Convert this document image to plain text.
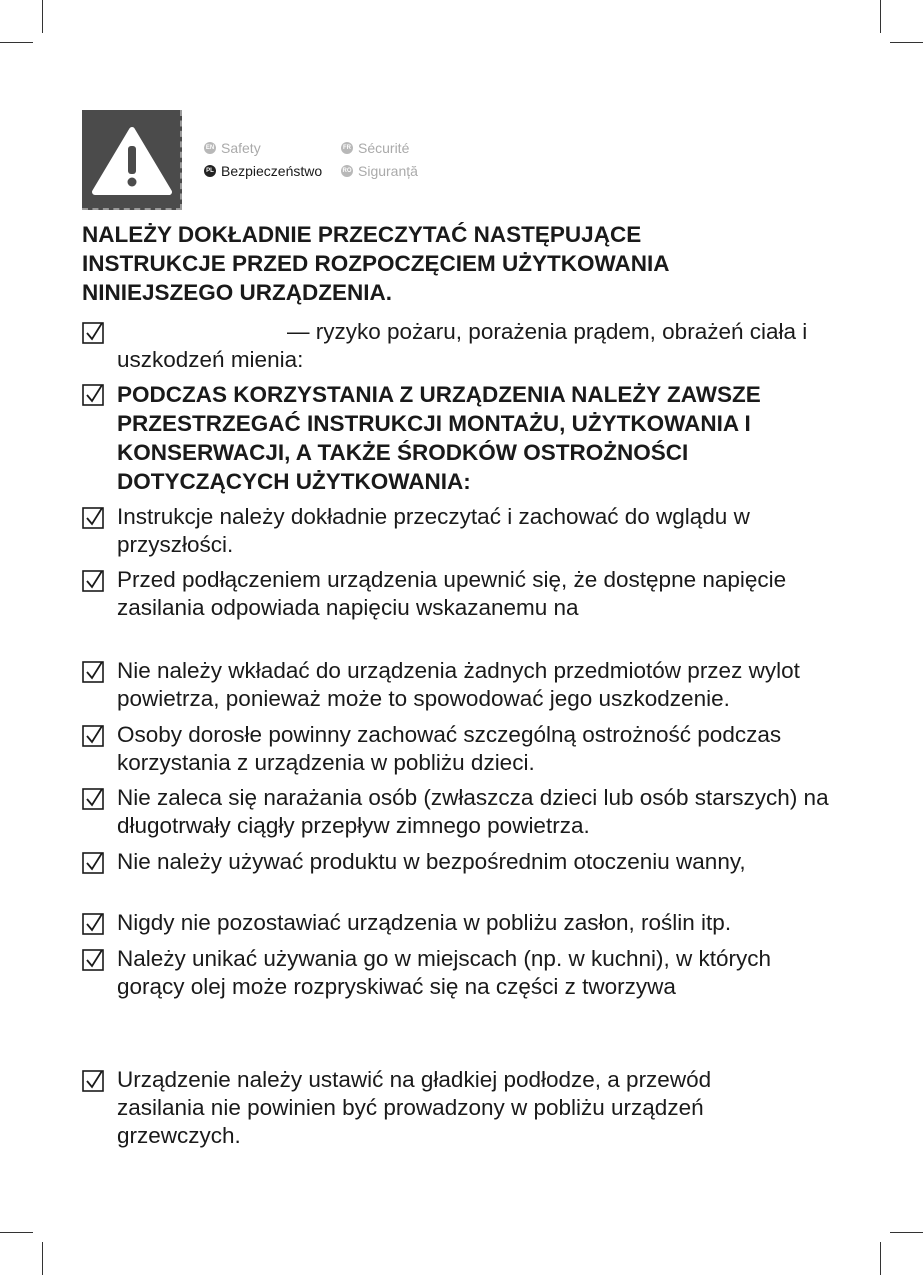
EN Safety	FR Sécurité
PL Bezpieczeństwo	RO Siguranță
NALEŻY DOKŁADNIE PRZECZYTAĆ NASTĘPUJĄCE INSTRUKCJE PRZED ROZPOCZĘCIEM UŻYTKOWANIA NINIEJSZEGO URZĄDZENIA.

— ryzyko pożaru, porażenia prądem, obrażeń ciała i uszkodzeń mienia:

PODCZAS KORZYSTANIA Z URZĄDZENIA NALEŻY ZAWSZE PRZESTRZEGAĆ INSTRUKCJI MONTAŻU, UŻYTKOWANIA I KONSERWACJI, A TAKŻE ŚRODKÓW OSTROŻNOŚCI DOTYCZĄCYCH UŻYTKOWANIA:

Instrukcje należy dokładnie przeczytać i zachować do wglądu w przyszłości.

Przed podłączeniem urządzenia upewnić się, że dostępne napięcie zasilania odpowiada napięciu wskazanemu na

Nie należy wkładać do urządzenia żadnych przedmiotów przez wylot powietrza, ponieważ może to spowodować jego uszkodzenie.

Osoby dorosłe powinny zachować szczególną ostrożność podczas korzystania z urządzenia w pobliżu dzieci.

Nie zaleca się narażania osób (zwłaszcza dzieci lub osób starszych) na długotrwały ciągły przepływ zimnego powietrza.

Nie należy używać produktu w bezpośrednim otoczeniu wanny,

Nigdy nie pozostawiać urządzenia w pobliżu zasłon, roślin itp.

Należy unikać używania go w miejscach (np. w kuchni), w których gorący olej może rozpryskiwać się na części z tworzywa

Urządzenie należy ustawić na gładkiej podłodze, a przewód zasilania nie powinien być prowadzony w pobliżu urządzeń grzewczych.
